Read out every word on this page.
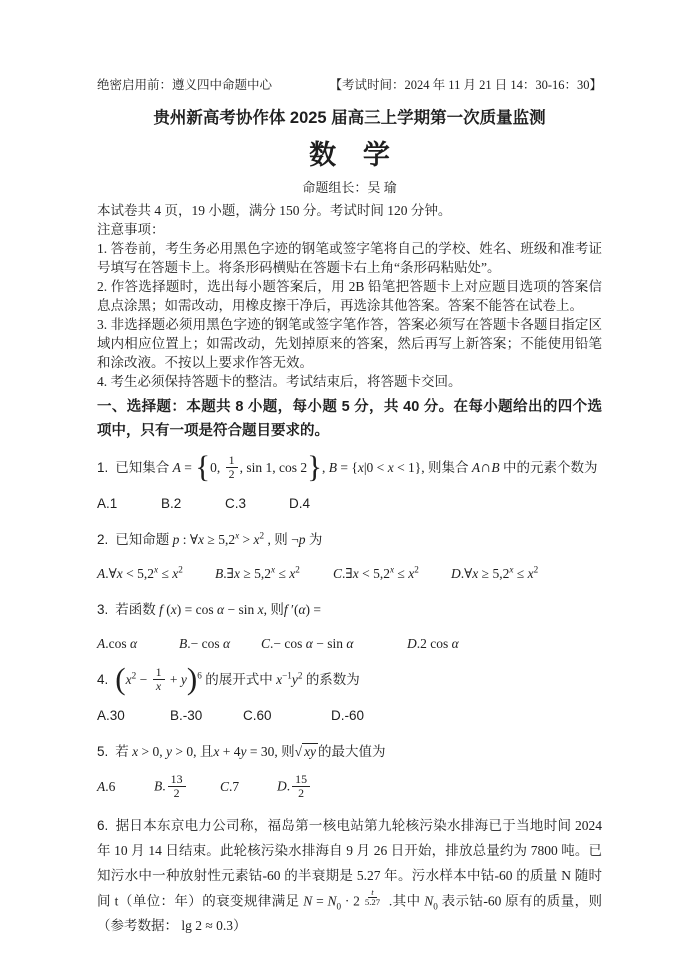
绝密启用前：遵义四中命题中心	【考试时间：2024 年 11 月 21 日 14：30-16：30】
贵州新高考协作体 2025 届高三上学期第一次质量监测
数 学
命题组长：吴 瑜
本试卷共 4 页，19 小题，满分 150 分。考试时间 120 分钟。
注意事项：

1. 答卷前，考生务必用黑色字迹的钢笔或签字笔将自己的学校、姓名、班级和准考证号填写在答题卡上。将条形码横贴在答题卡右上角“条形码粘贴处”。

2. 作答选择题时，选出每小题答案后，用 2B 铅笔把答题卡上对应题目选项的答案信息点涂黑；如需改动，用橡皮擦干净后，再选涂其他答案。答案不能答在试卷上。

3. 非选择题必须用黑色字迹的钢笔或签字笔作答，答案必须写在答题卡各题目指定区域内相应位置上；如需改动，先划掉原来的答案，然后再写上新答案；不能使用铅笔和涂改液。不按以上要求作答无效。

4. 考生必须保持答题卡的整洁。考试结束后，将答题卡交回。

一、选择题：本题共 8 小题，每小题 5 分，共 40 分。在每小题给出的四个选项中，只有一项是符合题目要求的。
1. 已知集合 A = {0, $\frac{1}{2}$ , sin 1, cos 2}, B = {x|0 < x < 1}, 则集合 A∩B 中的元素个数为
A.1	B.2	C.3	D.4
2. 已知命题 p : ∀x ≥ $5,2^x > x^2$ , 则 ¬p 为
A.∀x < $5,2^x \le x^2$ B.∃x ≥ $5,2^x \le x^2$ C.∃x < $5,2^x \le x^2$ D.∀x ≥ $5,2^x \le x^2$
3. 若函数 f (x) = cos α − sin x, 则f ′(α) =
A.cos α	B.− cos α C.− cos α − sin α	D.2 cos α
4. $(x^2 - \frac{1}{x} + y)^6$ 的展开式中 $x^{-1}y^2$ 的系数为
A.30	B.-30	C.60	D.-60
5. 若 x > 0, y > 0, 且x + 4y = 30, 则√ xy 的最大值为
A.6	B. $\frac{13}{2}$	C.7	D. $\frac{15}{2}$
6. 据日本东京电力公司称，福岛第一核电站第九轮核污染水排海已于当地时间 2024 年 10 月 14 日结束。此轮核污染水排海自 9 月 26 日开始，排放总量约为 7800 吨。已知污水中一种放射性元素钴-60 的半衰期是 5.27 年。污水样本中钴-60 的质量 N 随时间 t（单位：年）的衰变规律满足 $N = N_0 \cdot 2$ $^{\frac{t}{5.27}}$ .其中 $N_0$ 表示钴-60 原有的质量，则（参考数据： lg 2 ≈ 0.3）
